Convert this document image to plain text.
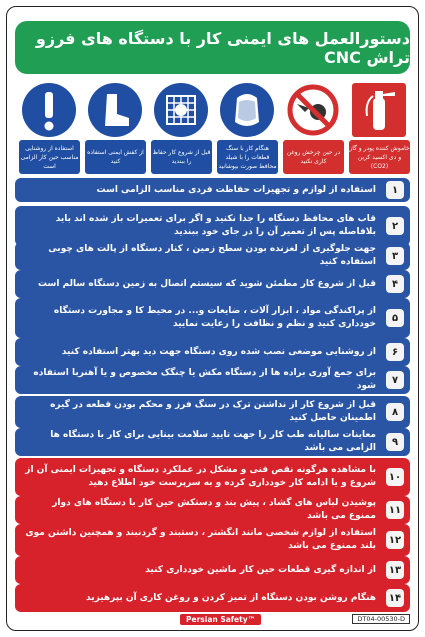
دستورالعمل های ایمنی کار با دستگاه های فرزو تراش CNC
خاموش کننده پودر و گاز و دی اکسید کربن (CO2)
در حین چرخش روغن کاری نکنید
هنگام کار با سنگ قطعات را با شیلد محافظ صورت بپوشانید
قبل از شروع کار حفاظ را ببندید
از کفش ایمنی استفاده کنید
استفاده از روشنایی مناسب حین کار الزامی است
۱
استفاده از لوازم و تجهیزات حفاظت فردی مناسب الزامی است
۲
قاب های محافظ دستگاه را جدا نکنید و اگر برای تعمیرات باز شده اند باید بلافاصله پس از تعمیر آن را در جای خود ببندید
۳
جهت جلوگیری از لغزنده بودن سطح زمین ، کنار دستگاه از پالت های چوبی استفاده کنید
۴
قبل از شروع کار مطمئن شوید که سیستم اتصال به زمین دستگاه سالم است
۵
از پراکندگی مواد ، ابزار آلات ، ضایعات و... در محیط کا و مجاورت دستگاه خودداری کنید و نظم و نظافت را رعایت نمایید
۶
از روشنایی موضعی نصب شده روی دستگاه جهت دید بهتر استفاده کنید
۷
برای جمع آوری براده ها از دستگاه مکش یا چنگک مخصوص و یا آهنربا استفاده شود
۸
قبل از شروع کار از نداشتن ترک در سنگ فرز و محکم بودن قطعه در گیره اطمینان حاصل کنید
۹
معاینات سالیانه طب کار را جهت تایید سلامت بینایی برای کار با دستگاه ها الزامی می باشد
۱۰
با مشاهده هرگونه نقص فنی و مشکل در عملکرد دستگاه و تجهیزات ایمنی آن از شروع و یا ادامه کار خودداری کرده و به سرپرست خود اطلاع دهید
۱۱
پوشیدن لباس های گشاد ، پیش بند و دستکش حین کار با دستگاه های دوار ممنوع می باشد
۱۲
استفاده از لوازم شخصی مانند انگشتر ، دستبند و گردنبند و همچنین داشتن موی بلند ممنوع می باشد
۱۳
از اندازه گیری قطعات حین کار ماشین خودداری کنید
۱۴
هنگام روشن بودن دستگاه از تمیز کردن و روغن کاری آن بپرهیزید
Persian Safety™	DT04-00530-D
